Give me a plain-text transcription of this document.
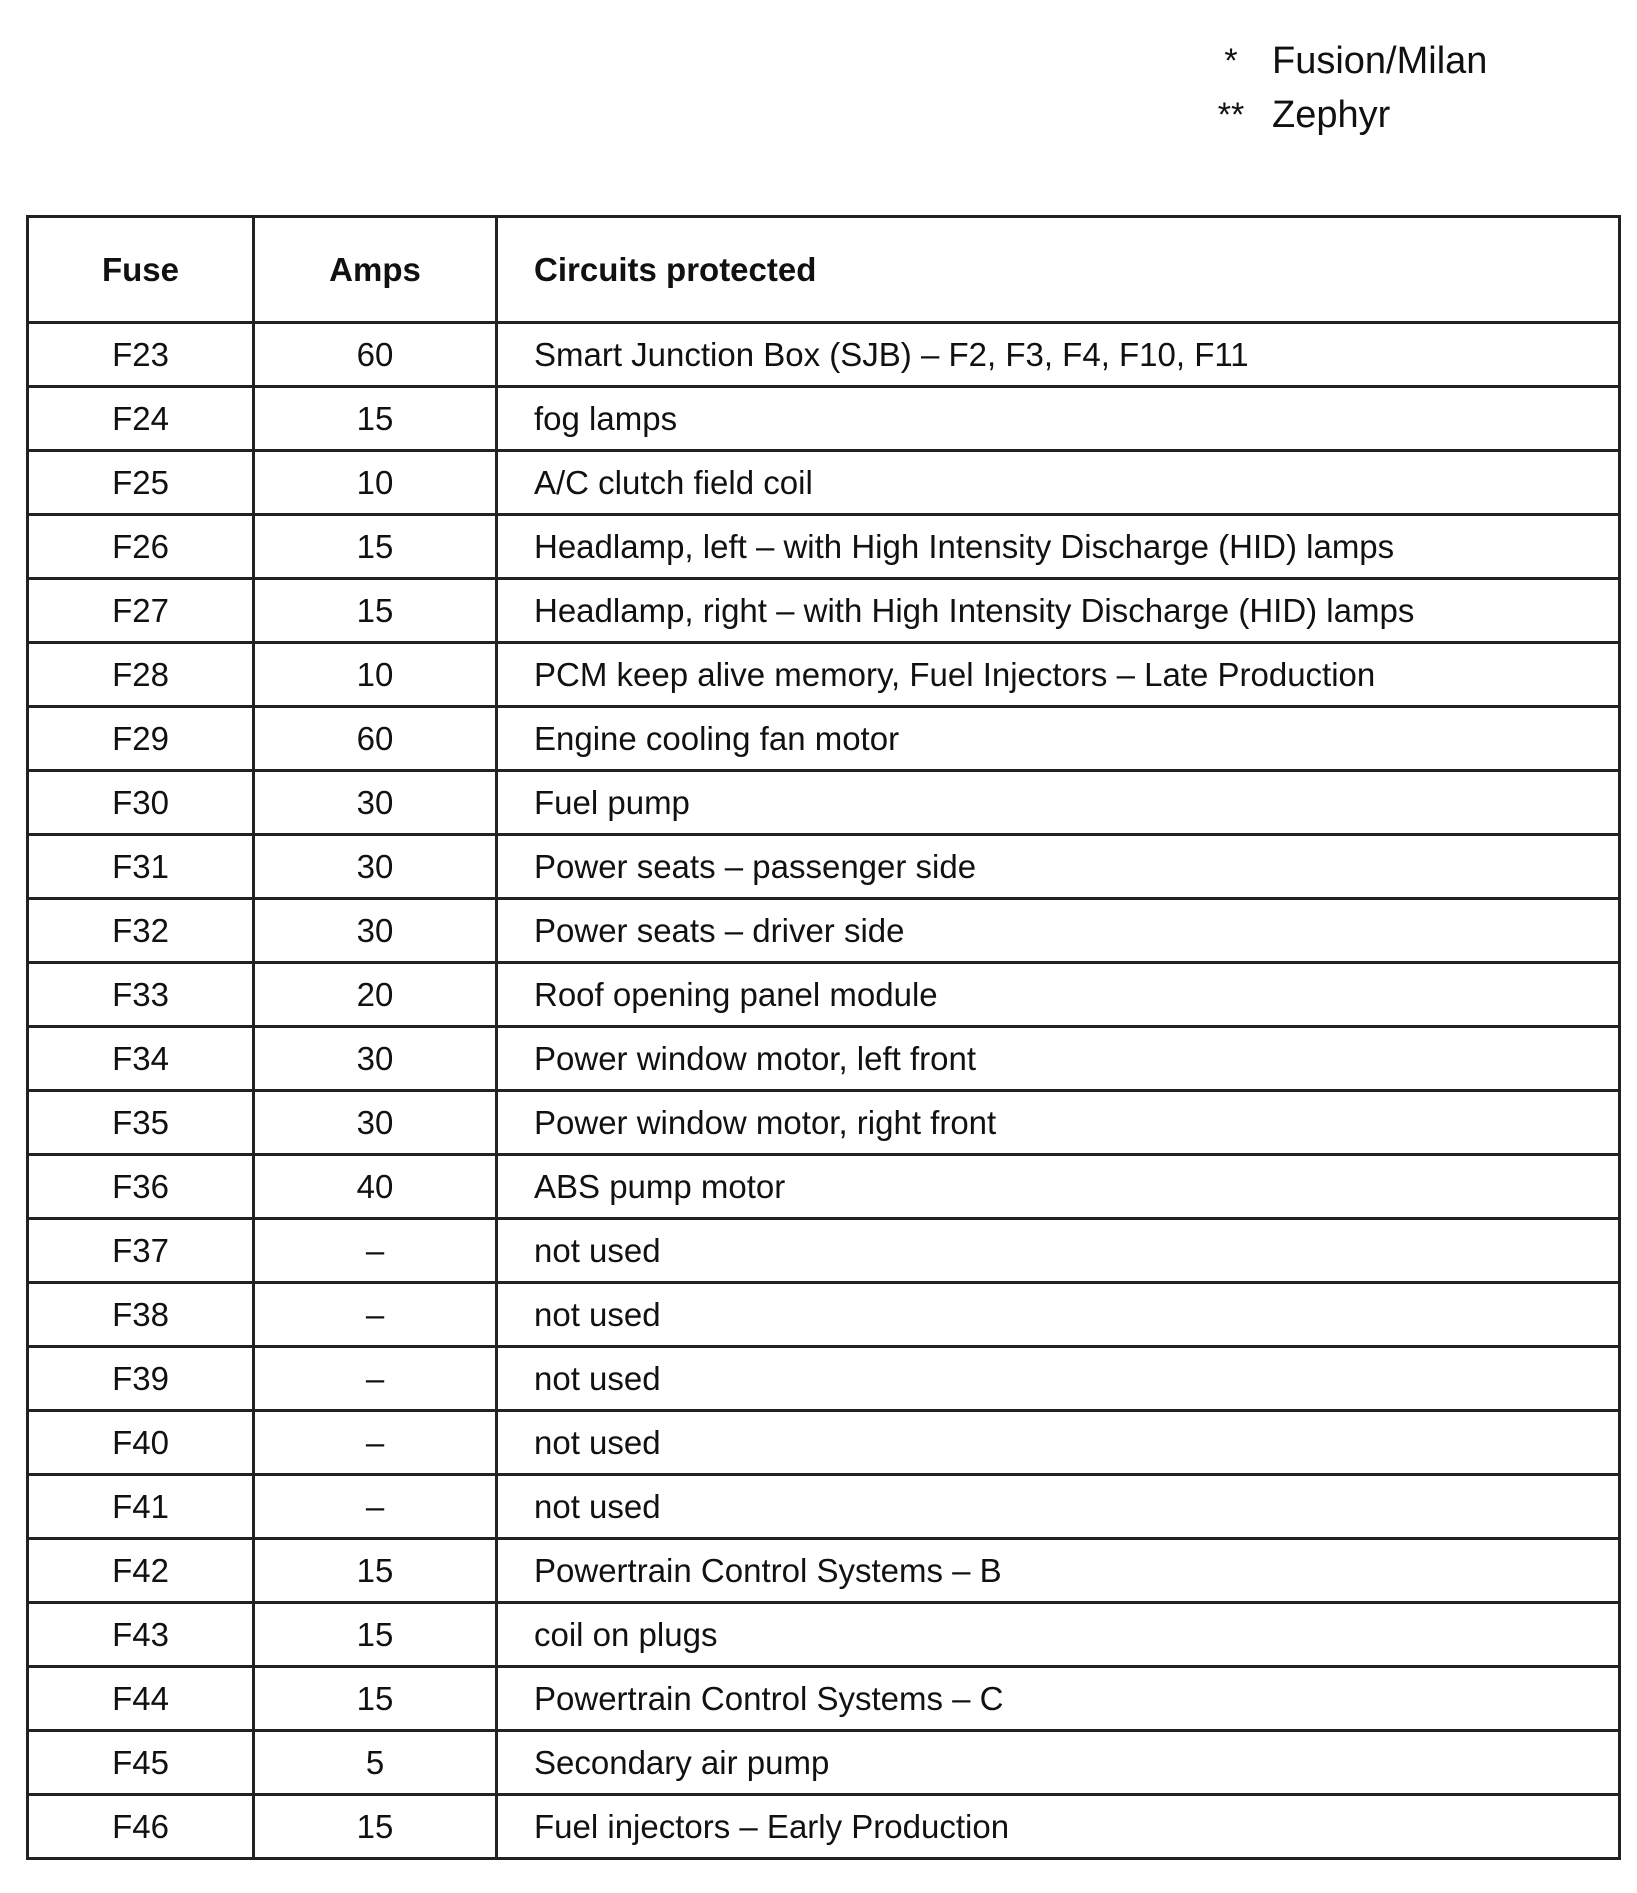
* Fusion/Milan
** Zephyr
Fuse	Amps	Circuits protected
F23	60	Smart Junction Box (SJB) – F2, F3, F4, F10, F11
F24	15	fog lamps
F25	10	A/C clutch field coil
F26	15	Headlamp, left – with High Intensity Discharge (HID) lamps
F27	15	Headlamp, right – with High Intensity Discharge (HID) lamps
F28	10	PCM keep alive memory, Fuel Injectors – Late Production
F29	60	Engine cooling fan motor
F30	30	Fuel pump
F31	30	Power seats – passenger side
F32	30	Power seats – driver side
F33	20	Roof opening panel module
F34	30	Power window motor, left front
F35	30	Power window motor, right front
F36	40	ABS pump motor
F37	–	not used
F38	–	not used
F39	–	not used
F40	–	not used
F41	–	not used
F42	15	Powertrain Control Systems – B
F43	15	coil on plugs
F44	15	Powertrain Control Systems – C
F45	5	Secondary air pump
F46	15	Fuel injectors – Early Production
